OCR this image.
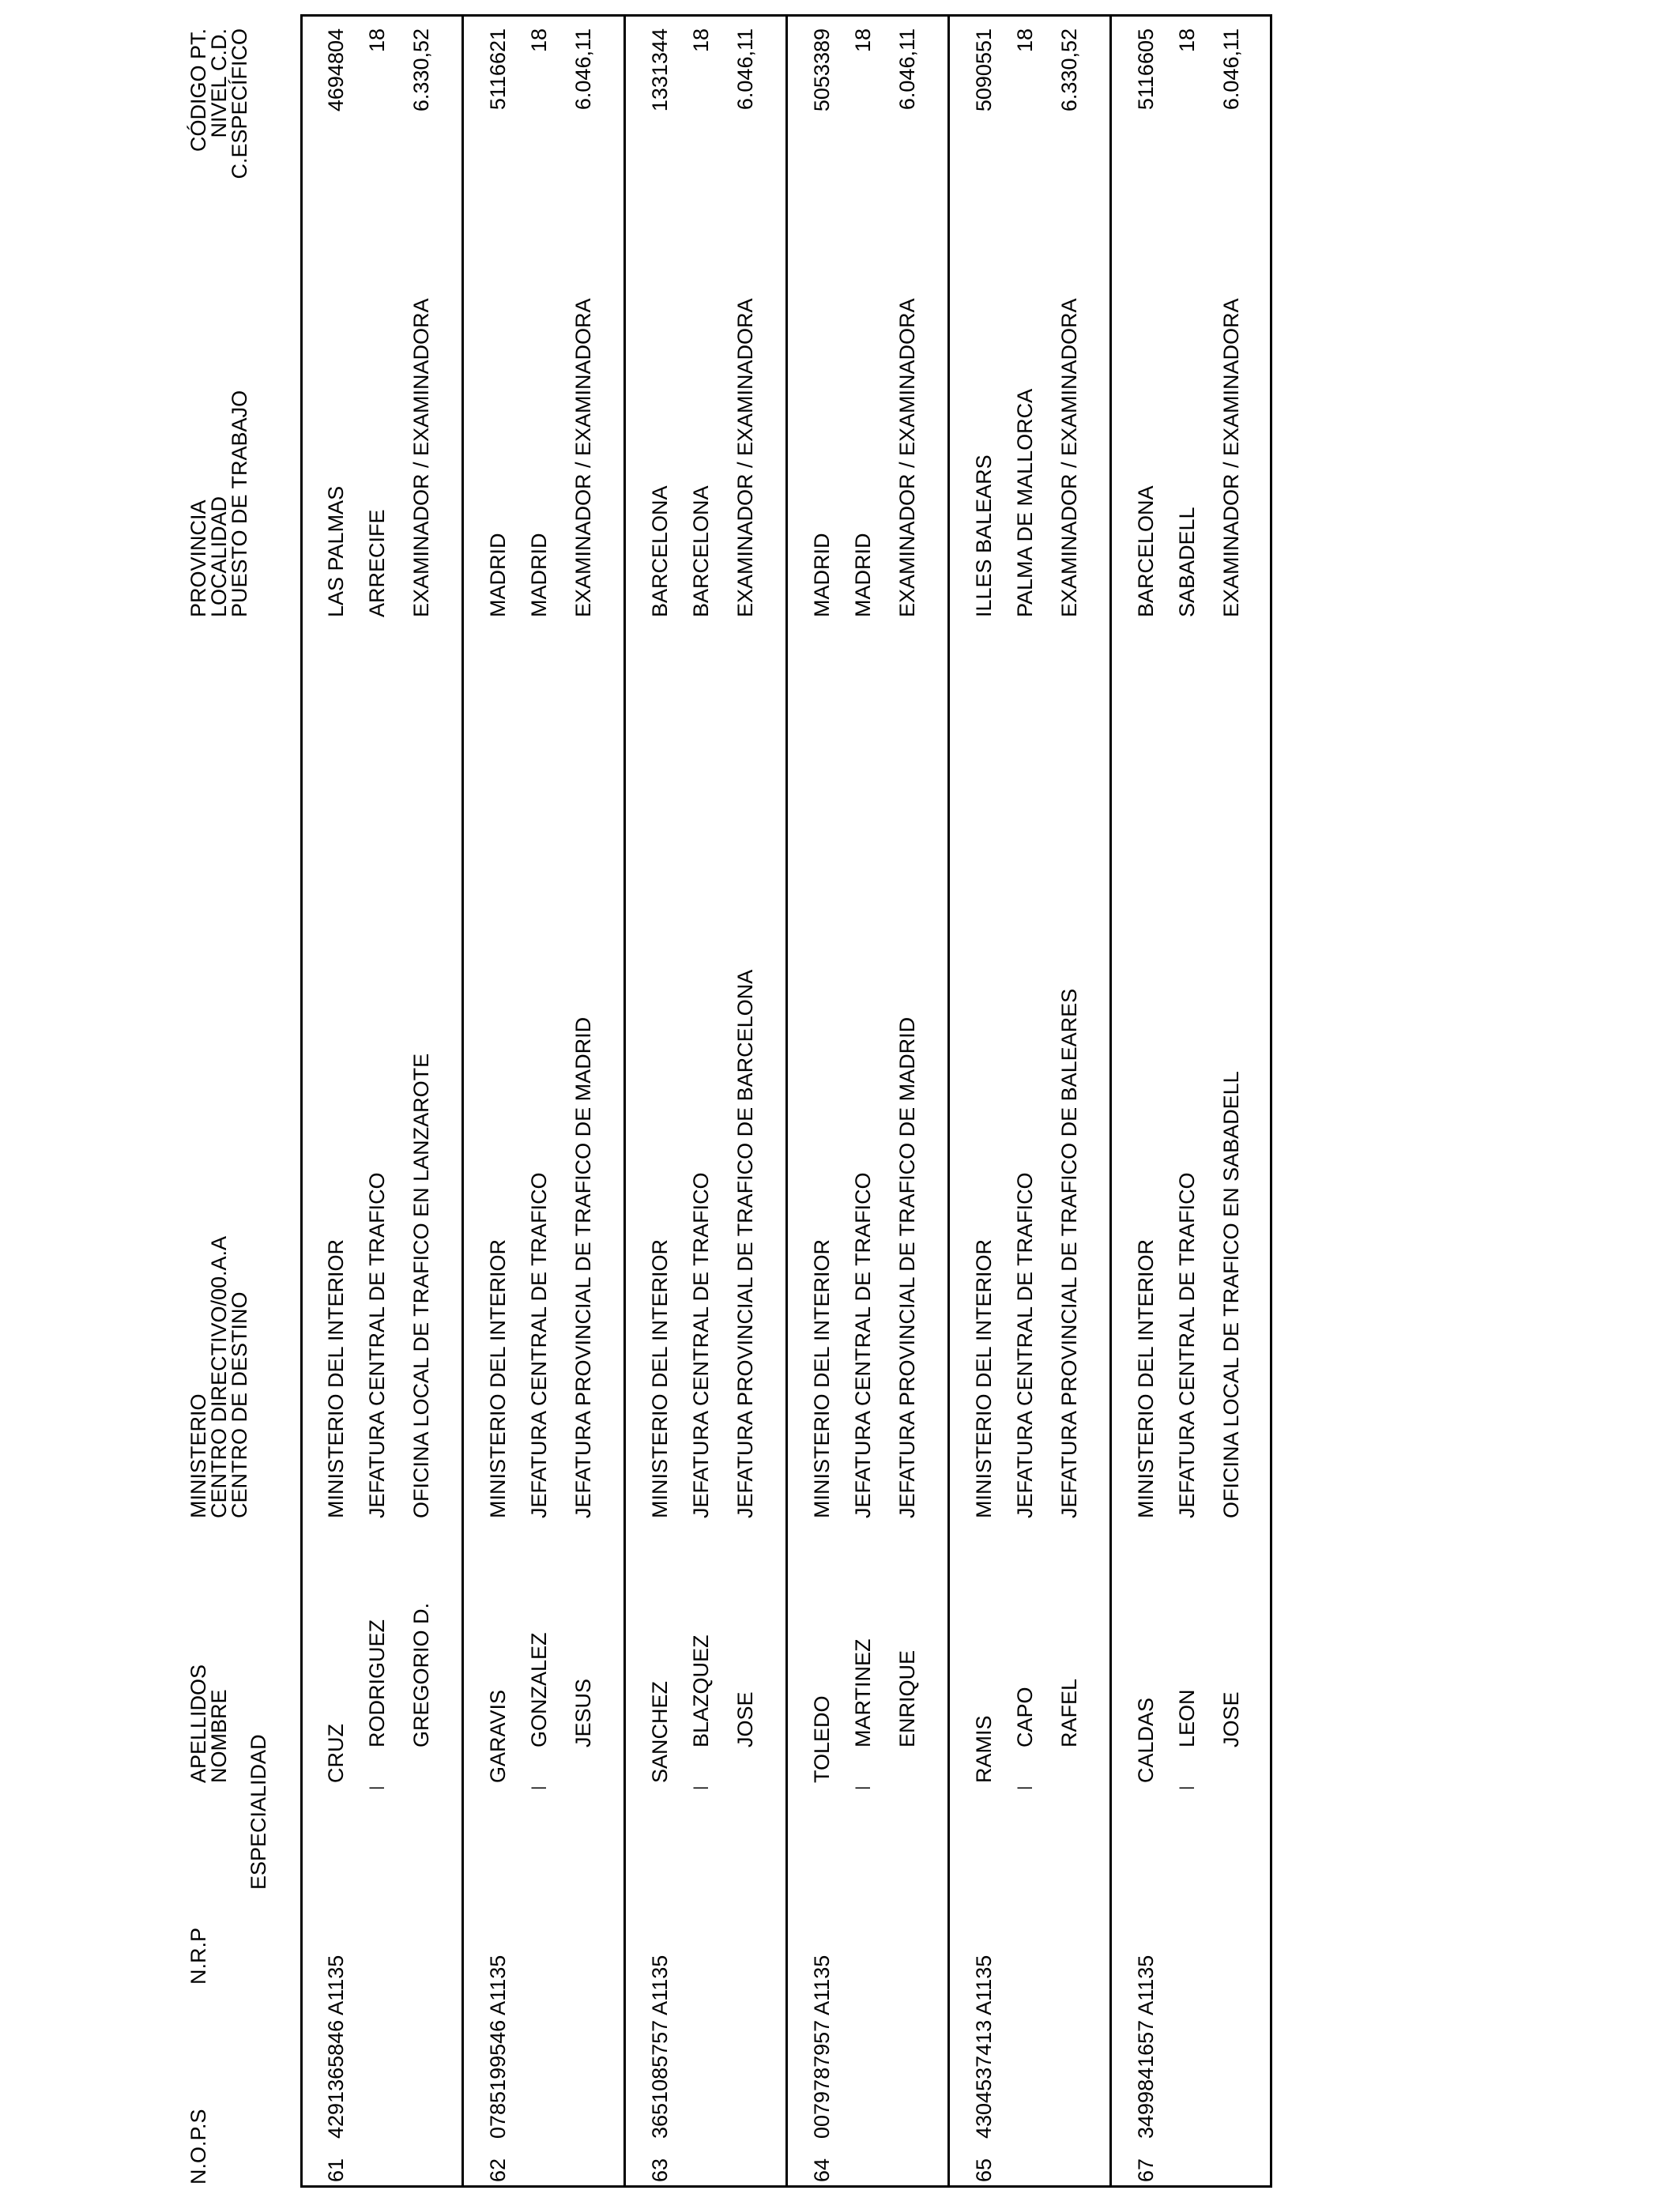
N.O.P.S
N.R.P
ESPECIALIDAD
APELLIDOS
NOMBRE
MINISTERIO
CENTRO DIRECTIVO/00.A.A
CENTRO DE DESTINO
PROVINCIA
LOCALIDAD
PUESTO DE TRABAJO
CÓDIGO PT.
NIVEL C.D.
C.ESPECÍFICO
61
4291365846 A1135
I
CRUZ
RODRIGUEZ GREGORIO D.
MINISTERIO DEL INTERIOR JEFATURA CENTRAL DE TRAFICO OFICINA LOCAL DE TRAFICO EN LANZAROTE
LAS PALMAS ARRECIFE EXAMINADOR / EXAMINADORA
4694804 18 6.330,52
62
0785199546 A1135
I
GARAVIS GONZALEZ JESUS
MINISTERIO DEL INTERIOR JEFATURA CENTRAL DE TRAFICO JEFATURA PROVINCIAL DE TRAFICO DE MADRID
MADRID MADRID EXAMINADOR / EXAMINADORA
5116621 18 6.046,11
63
3651085757 A1135
I
SANCHEZ BLAZQUEZ JOSE
MINISTERIO DEL INTERIOR JEFATURA CENTRAL DE TRAFICO JEFATURA PROVINCIAL DE TRAFICO DE BARCELONA
BARCELONA BARCELONA EXAMINADOR / EXAMINADORA
1331344 18 6.046,11
64
0079787957 A1135
I
TOLEDO MARTINEZ ENRIQUE
MINISTERIO DEL INTERIOR JEFATURA CENTRAL DE TRAFICO JEFATURA PROVINCIAL DE TRAFICO DE MADRID
MADRID MADRID EXAMINADOR / EXAMINADORA
5053389 18 6.046,11
65
4304537413 A1135
I
RAMIS CAPO RAFEL
MINISTERIO DEL INTERIOR JEFATURA CENTRAL DE TRAFICO JEFATURA PROVINCIAL DE TRAFICO DE BALEARES
ILLES BALEARS PALMA DE MALLORCA EXAMINADOR / EXAMINADORA
5090551 18 6.330,52
67
3499841657 A1135
I
CALDAS LEON JOSE
MINISTERIO DEL INTERIOR JEFATURA CENTRAL DE TRAFICO OFICINA LOCAL DE TRAFICO EN SABADELL
BARCELONA SABADELL EXAMINADOR / EXAMINADORA
5116605 18 6.046,11
